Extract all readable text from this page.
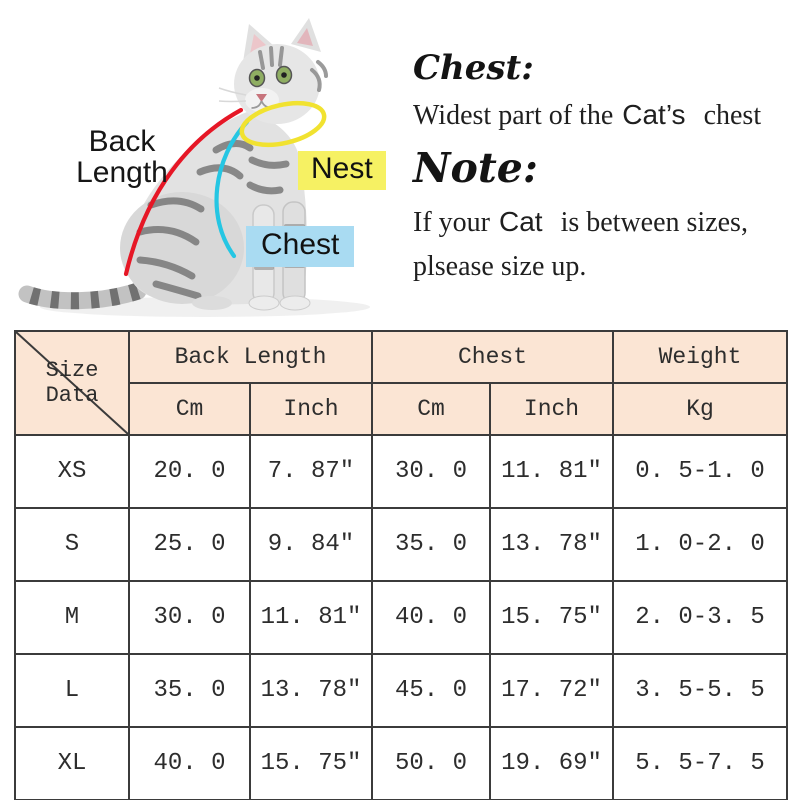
Back
Length	Nest
Chest
Chest:
Widest part of the Cat’s chest
Note:
If your Cat is between sizes,
plsease size up.
Size Data	Back Length		Chest		Weight
	Cm	Inch	Cm	Inch	Kg
XS	20. 0	7. 87″	30. 0	11. 81″	0. 5-1. 0
S	25. 0	9. 84″	35. 0	13. 78″	1. 0-2. 0
M	30. 0	11. 81″	40. 0	15. 75″	2. 0-3. 5
L	35. 0	13. 78″	45. 0	17. 72″	3. 5-5. 5
XL	40. 0	15. 75″	50. 0	19. 69″	5. 5-7. 5
